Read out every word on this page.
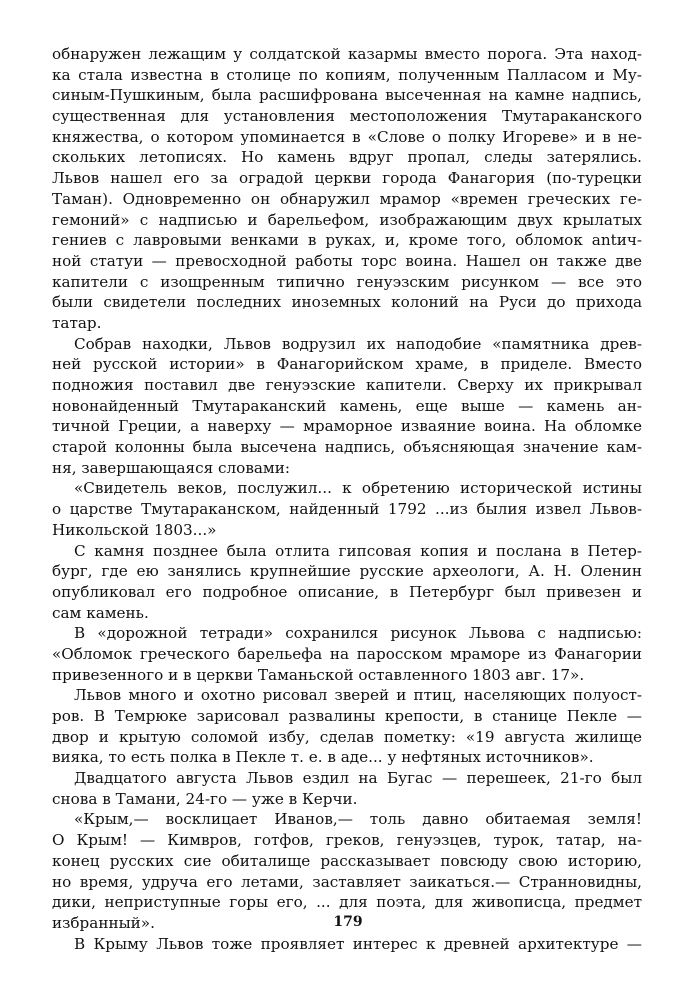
обнаружен лежащим у солдатской казармы вместо порога. Эта наход-
ка стала известна в столице по копиям, полученным Палласом и Му-
синым-Пушкиным, была расшифрована высеченная на камне надпись,
существенная для установления местоположения Тмутараканского
княжества, о котором упоминается в «Слове о полку Игореве» и в не-
скольких летописях. Но камень вдруг пропал, следы затерялись.
Львов нашел его за оградой церкви города Фанагория (по-турецки
Таман). Одновременно он обнаружил мрамор «времен греческих ге-
гемоний» с надписью и барельефом, изображающим двух крылатых
гениев с лавровыми венками в руках, и, кроме того, обломок antич-
ной статуи — превосходной работы торс воина. Нашел он также две
капители с изощренным типично генуэзским рисунком — все это
были свидетели последних иноземных колоний на Руси до прихода
татар.
Собрав находки, Львов водрузил их наподобие «памятника древ-
ней русской истории» в Фанагорийском храме, в приделе. Вместо
подножия поставил две генуэзские капители. Сверху их прикрывал
новонайденный Тмутараканский камень, еще выше — камень ан-
тичной Греции, а наверху — мраморное изваяние воина. На обломке
старой колонны была высечена надпись, объясняющая значение кам-
ня, завершающаяся словами:
«Свидетель веков, послужил... к обретению исторической истины
о царстве Тмутараканском, найденный 1792 ...из былия извел Львов-
Никольской 1803...»
С камня позднее была отлита гипсовая копия и послана в Петер-
бург, где ею занялись крупнейшие русские археологи, А. Н. Оленин
опубликовал его подробное описание, в Петербург был привезен и
сам камень.
В «дорожной тетради» сохранился рисунок Львова с надписью:
«Обломок греческого барельефа на паросском мраморе из Фанагории
привезенного и в церкви Таманьской оставленного 1803 авг. 17».
Львов много и охотно рисовал зверей и птиц, населяющих полуост-
ров. В Темрюке зарисовал развалины крепости, в станице Пекле —
двор и крытую соломой избу, сделав пометку: «19 августа жилище
вияка, то есть полка в Пекле т. е. в аде... у нефтяных источников».
Двадцатого августа Львов ездил на Бугас — перешеек, 21-го был
снова в Тамани, 24-го — уже в Керчи.
«Крым,— восклицает Иванов,— толь давно обитаемая земля!
О Крым! — Кимвров, готфов, греков, генуэзцев, турок, татар, на-
конец русских сие обиталище рассказывает повсюду свою историю,
но время, удруча его летами, заставляет заикаться.— Странновидны,
дики, неприступные горы его, ... для поэта, для живописца, предмет
избранный».
В Крыму Львов тоже проявляет интерес к древней архитектуре —
179
